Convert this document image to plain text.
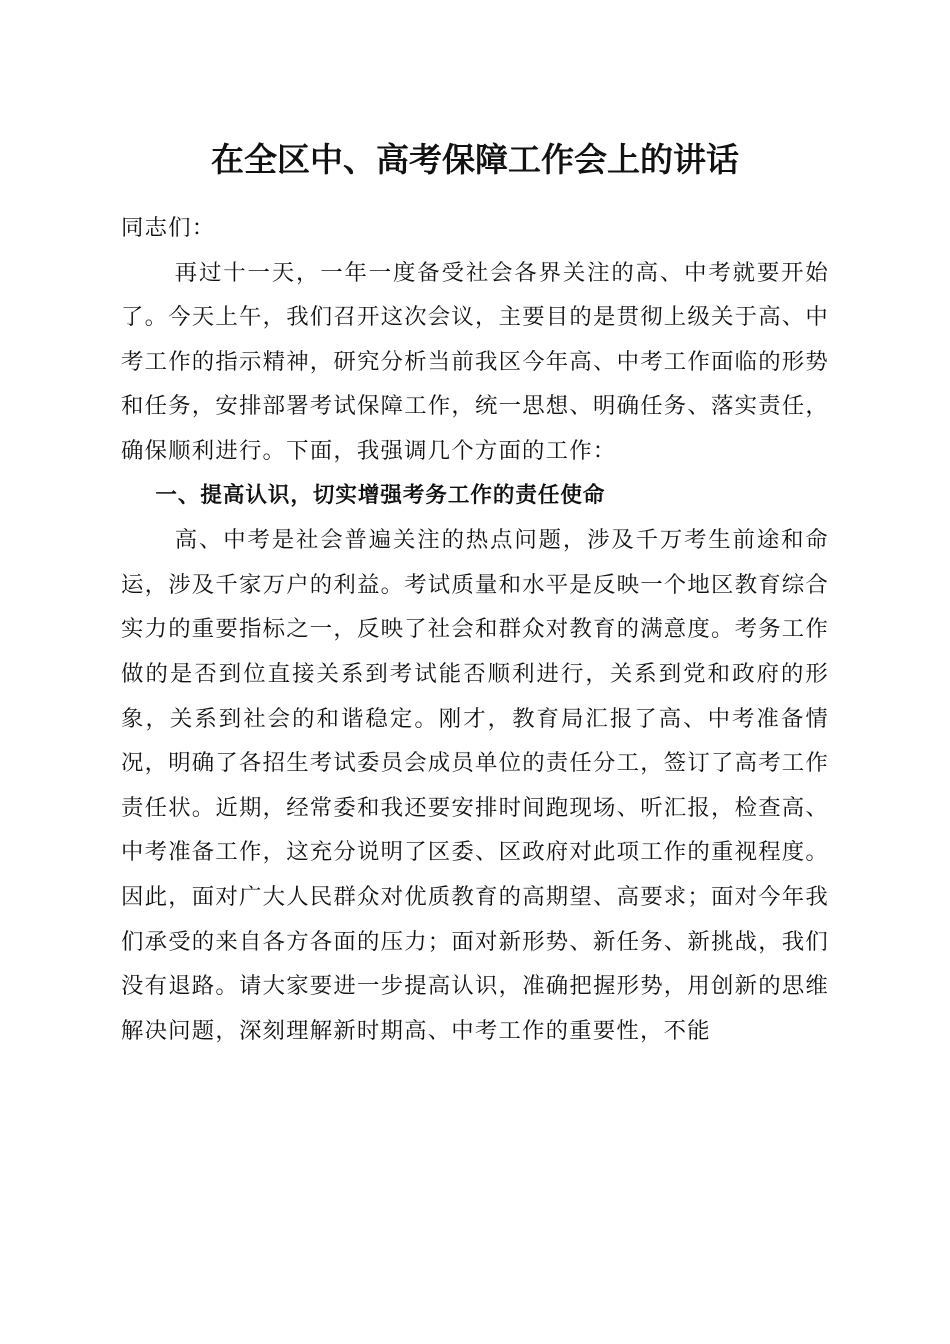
在全区中、高考保障工作会上的讲话

同志们：

再过十一天，一年一度备受社会各界关注的高、中考就要开始了。今天上午，我们召开这次会议，主要目的是贯彻上级关于高、中考工作的指示精神，研究分析当前我区今年高、中考工作面临的形势和任务，安排部署考试保障工作，统一思想、明确任务、落实责任，确保顺利进行。下面，我强调几个方面的工作：

一、提高认识，切实增强考务工作的责任使命

高、中考是社会普遍关注的热点问题，涉及千万考生前途和命运，涉及千家万户的利益。考试质量和水平是反映一个地区教育综合实力的重要指标之一，反映了社会和群众对教育的满意度。考务工作做的是否到位直接关系到考试能否顺利进行，关系到党和政府的形象，关系到社会的和谐稳定。刚才，教育局汇报了高、中考准备情况，明确了各招生考试委员会成员单位的责任分工，签订了高考工作责任状。近期，经常委和我还要安排时间跑现场、听汇报，检查高、中考准备工作，这充分说明了区委、区政府对此项工作的重视程度。因此，面对广大人民群众对优质教育的高期望、高要求；面对今年我们承受的来自各方各面的压力；面对新形势、新任务、新挑战，我们没有退路。请大家要进一步提高认识，准确把握形势，用创新的思维解决问题，深刻理解新时期高、中考工作的重要性，不能
